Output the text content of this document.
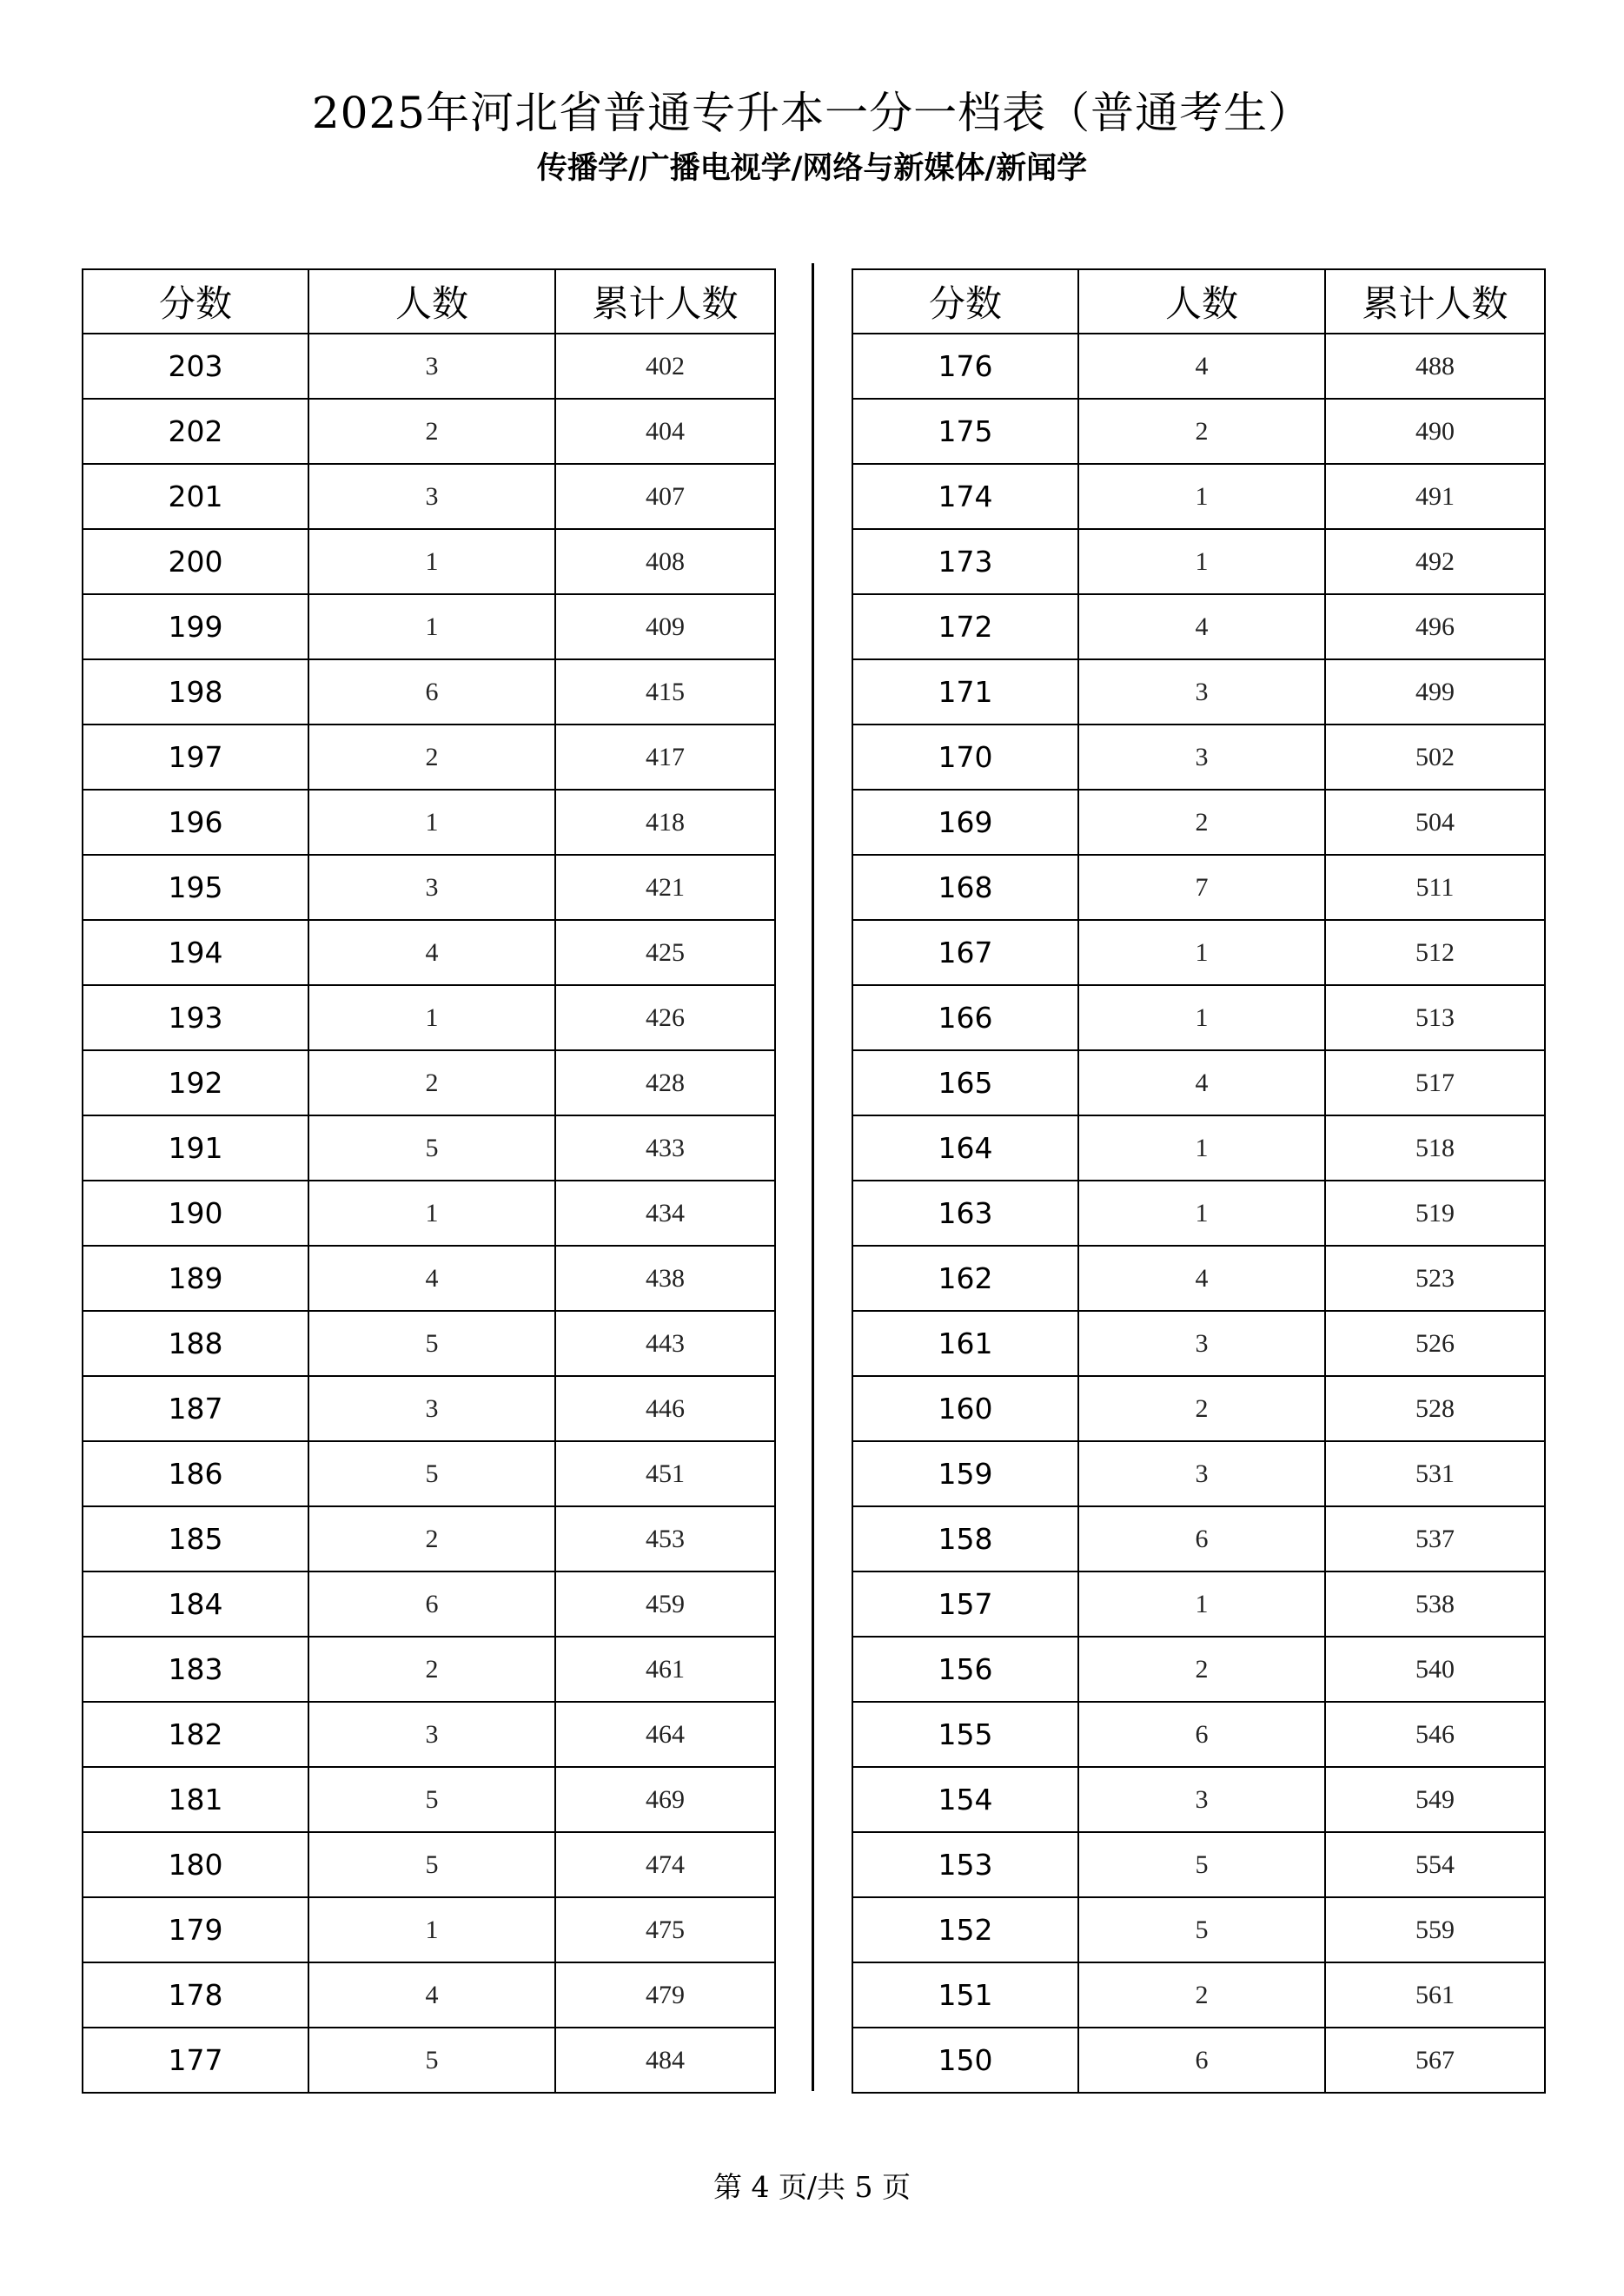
2025年河北省普通专升本一分一档表（普通考生）
传播学/广播电视学/网络与新媒体/新闻学
分数	人数	累计人数
203	3	402
202	2	404
201	3	407
200	1	408
199	1	409
198	6	415
197	2	417
196	1	418
195	3	421
194	4	425
193	1	426
192	2	428
191	5	433
190	1	434
189	4	438
188	5	443
187	3	446
186	5	451
185	2	453
184	6	459
183	2	461
182	3	464
181	5	469
180	5	474
179	1	475
178	4	479
177	5	484
分数	人数	累计人数
176	4	488
175	2	490
174	1	491
173	1	492
172	4	496
171	3	499
170	3	502
169	2	504
168	7	511
167	1	512
166	1	513
165	4	517
164	1	518
163	1	519
162	4	523
161	3	526
160	2	528
159	3	531
158	6	537
157	1	538
156	2	540
155	6	546
154	3	549
153	5	554
152	5	559
151	2	561
150	6	567
第 4 页/共 5 页
